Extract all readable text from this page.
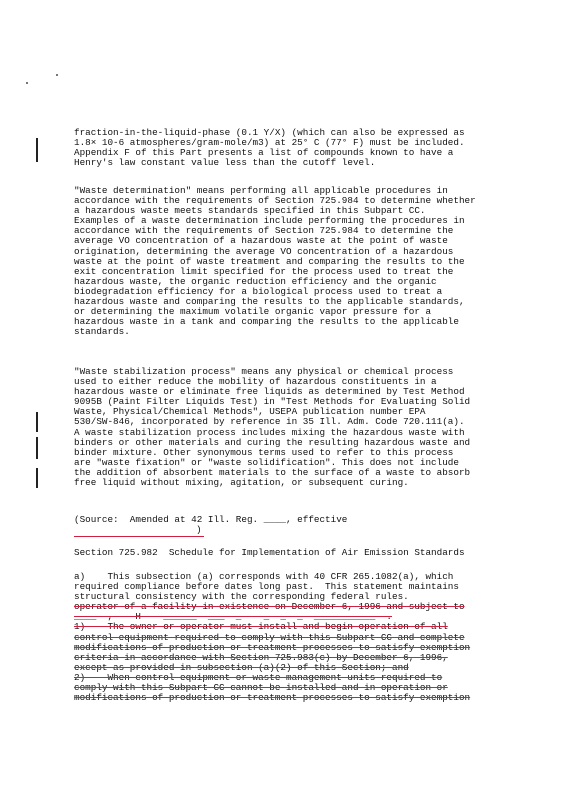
fraction-in-the-liquid-phase (0.1 Y/X) (which can also be expressed as
1.8× 10-6 atmospheres/gram-mole/m3) at 25° C (77° F) must be included.
Appendix F of this Part presents a list of compounds known to have a
Henry's law constant value less than the cutoff level.
"Waste determination" means performing all applicable procedures in
accordance with the requirements of Section 725.984 to determine whether
a hazardous waste meets standards specified in this Subpart CC.
Examples of a waste determination include performing the procedures in
accordance with the requirements of Section 725.984 to determine the
average VO concentration of a hazardous waste at the point of waste
origination, determining the average VO concentration of a hazardous
waste at the point of waste treatment and comparing the results to the
exit concentration limit specified for the process used to treat the
hazardous waste, the organic reduction efficiency and the organic
biodegradation efficiency for a biological process used to treat a
hazardous waste and comparing the results to the applicable standards,
or determining the maximum volatile organic vapor pressure for a
hazardous waste in a tank and comparing the results to the applicable
standards.
"Waste stabilization process" means any physical or chemical process
used to either reduce the mobility of hazardous constituents in a
hazardous waste or eliminate free liquids as determined by Test Method
9095B (Paint Filter Liquids Test) in "Test Methods for Evaluating Solid
Waste, Physical/Chemical Methods", USEPA publication number EPA
530/SW-846, incorporated by reference in 35 Ill. Adm. Code 720.111(a).
A waste stabilization process includes mixing the hazardous waste with
binders or other materials and curing the resulting hazardous waste and
binder mixture. Other synonymous terms used to refer to this process
are "waste fixation" or "waste solidification". This does not include
the addition of absorbent materials to the surface of a waste to absorb
free liquid without mixing, agitation, or subsequent curing.
(Source:  Amended at 42 Ill. Reg. ____, effective
)
Section 725.982  Schedule for Implementation of Air Emission Standards
a)    This subsection (a) corresponds with 40 CFR 265.1082(a), which
required compliance before dates long past.  This statement maintains
structural consistency with the corresponding federal rules.
operator of a facility in existence on December 6, 1996 and subject to
____  ,    H    ______  ___  _    _  _  _  ___________  .
1)    The owner or operator must install and begin operation of all
control equipment required to comply with this Subpart CC and complete
modifications of production or treatment processes to satisfy exemption
criteria in accordance with Section 725.983(c) by December 6, 1996,
except as provided in subsection (a)(2) of this Section; and
2)    When control equipment or waste management units required to
comply with this Subpart CC cannot be installed and in operation or
modifications of production or treatment processes to satisfy exemption
